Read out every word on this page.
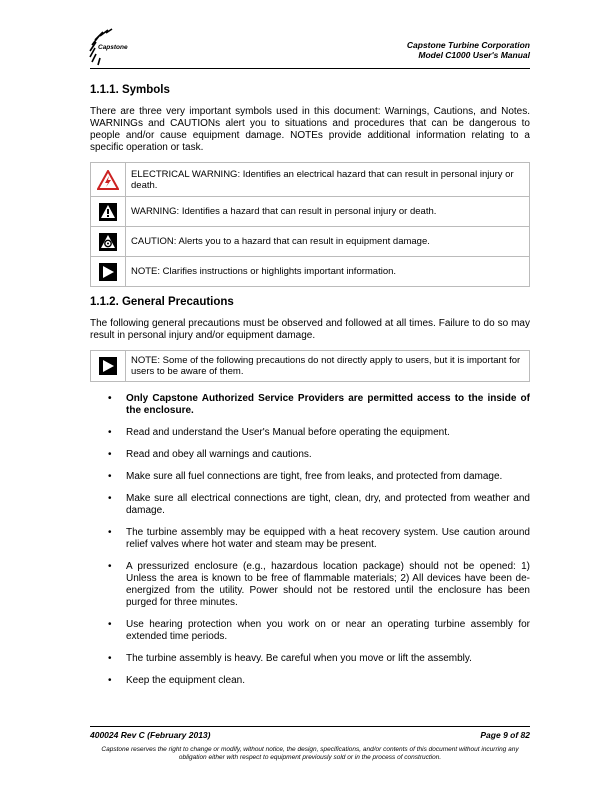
Capstone	Capstone Turbine Corporation
Model C1000 User's Manual
1.1.1. Symbols

There are three very important symbols used in this document: Warnings, Cautions, and Notes. WARNINGs and CAUTIONs alert you to situations and procedures that can be dangerous to people and/or cause equipment damage. NOTEs provide additional information relating to a specific operation or task.

	ELECTRICAL WARNING: Identifies an electrical hazard that can result in personal injury or death.

	WARNING: Identifies a hazard that can result in personal injury or death.

	CAUTION: Alerts you to a hazard that can result in equipment damage.

	NOTE: Clarifies instructions or highlights important information.
1.1.2. General Precautions

The following general precautions must be observed and followed at all times. Failure to do so may result in personal injury and/or equipment damage.

	NOTE: Some of the following precautions do not directly apply to users, but it is important for users to be aware of them.
• Only Capstone Authorized Service Providers are permitted access to the inside of the enclosure.
• Read and understand the User's Manual before operating the equipment.
• Read and obey all warnings and cautions.
• Make sure all fuel connections are tight, free from leaks, and protected from damage.
• Make sure all electrical connections are tight, clean, dry, and protected from weather and damage.
• The turbine assembly may be equipped with a heat recovery system. Use caution around relief valves where hot water and steam may be present.
• A pressurized enclosure (e.g., hazardous location package) should not be opened: 1) Unless the area is known to be free of flammable materials; 2) All devices have been de-energized from the utility. Power should not be restored until the enclosure has been purged for three minutes.
• Use hearing protection when you work on or near an operating turbine assembly for extended time periods.
• The turbine assembly is heavy. Be careful when you move or lift the assembly.
• Keep the equipment clean.
400024 Rev C (February 2013)	Page 9 of 82
Capstone reserves the right to change or modify, without notice, the design, specifications, and/or contents of this document without incurring any obligation either with respect to equipment previously sold or in the process of construction.
